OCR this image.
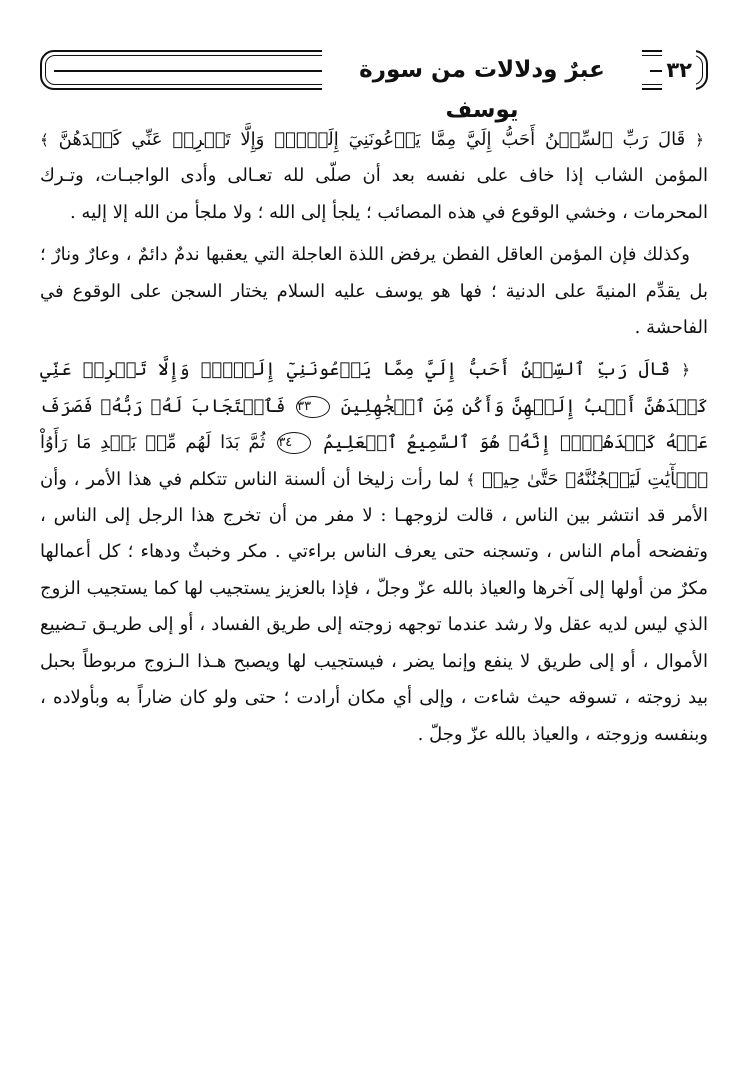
عبرٌ ودلالات من سورة يوسف
٣٢

﴿ قَالَ رَبِّ ٱلسِّجۡنُ أَحَبُّ إِلَيَّ مِمَّا يَدۡعُونَنِيٓ إِلَيۡهِۖ وَإِلَّا تَصۡرِفۡ عَنِّي كَيۡدَهُنَّ ﴾ المؤمن الشاب إذا خاف على نفسه بعد أن صلّى لله تعـالى وأدى الواجبـات، وتـرك المحرمات ، وخشي الوقوع في هذه المصائب ؛ يلجأ إلى الله ؛ ولا ملجأ من الله إلا إليه .

وكذلك فإن المؤمن العاقل الفطن يرفض اللذة العاجلة التي يعقبها ندمٌ دائمٌ ، وعارٌ ونارٌ ؛ بل يقدِّم المنيةَ على الدنية ؛ فها هو يوسف عليه السلام يختار السجن على الوقوع في الفاحشة .

﴿ قَالَ رَبِّ ٱلسِّجۡنُ أَحَبُّ إِلَيَّ مِمَّا يَدۡعُونَنِيٓ إِلَيۡهِۖ وَإِلَّا تَصۡرِفۡ عَنِّي كَيۡدَهُنَّ أَصۡبُ إِلَيۡهِنَّ وَأَكُن مِّنَ ٱلۡجَٰهِلِينَ ٣٣ فَٱسۡتَجَابَ لَهُۥ رَبُّهُۥ فَصَرَفَ عَنۡهُ كَيۡدَهُنَّۚ إِنَّهُۥ هُوَ ٱلسَّمِيعُ ٱلۡعَلِيمُ ٣٤ ثُمَّ بَدَا لَهُم مِّنۢ بَعۡدِ مَا رَأَوُاْ ٱلۡأٓيَٰتِ لَيَسۡجُنُنَّهُۥ حَتَّىٰ حِينٖ ﴾ لما رأت زليخا أن ألسنة الناس تتكلم في هذا الأمر ، وأن الأمر قد انتشر بين الناس ، قالت لزوجهـا : لا مفر من أن تخرج هذا الرجل إلى الناس ، وتفضحه أمام الناس ، وتسجنه حتى يعرف الناس براءتي . مكر وخبثٌ ودهاء ؛ كل أعمالها مكرٌ من أولها إلى آخرها والعياذ بالله عزّ وجلّ ، فإذا بالعزيز يستجيب لها كما يستجيب الزوج الذي ليس لديه عقل ولا رشد عندما توجهه زوجته إلى طريق الفساد ، أو إلى طريـق تـضييع الأموال ، أو إلى طريق لا ينفع وإنما يضر ، فيستجيب لها ويصبح هـذا الـزوج مربوطاً بحبل بيد زوجته ، تسوقه حيث شاءت ، وإلى أي مكان أرادت ؛ حتى ولو كان ضاراً به وبأولاده ، وبنفسه وزوجته ، والعياذ بالله عزّ وجلّ .
